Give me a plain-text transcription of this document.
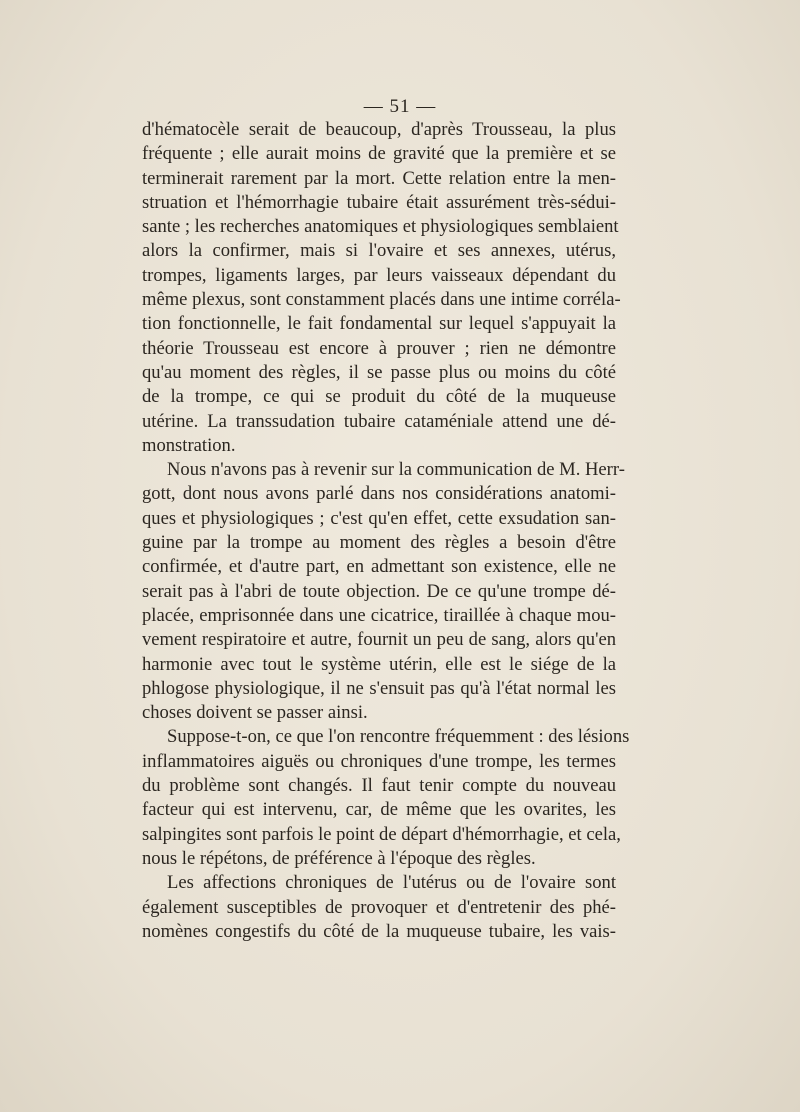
— 51 —
d'hématocèle serait de beaucoup, d'après Trousseau, la plus
fréquente ; elle aurait moins de gravité que la première et se
terminerait rarement par la mort. Cette relation entre la men-
struation et l'hémorrhagie tubaire était assurément très-sédui-
sante ; les recherches anatomiques et physiologiques semblaient
alors la confirmer, mais si l'ovaire et ses annexes, utérus,
trompes, ligaments larges, par leurs vaisseaux dépendant du
même plexus, sont constamment placés dans une intime corréla-
tion fonctionnelle, le fait fondamental sur lequel s'appuyait la
théorie Trousseau est encore à prouver ; rien ne démontre
qu'au moment des règles, il se passe plus ou moins du côté
de la trompe, ce qui se produit du côté de la muqueuse
utérine. La transsudation tubaire cataméniale attend une dé-
monstration.
Nous n'avons pas à revenir sur la communication de M. Herr-
gott, dont nous avons parlé dans nos considérations anatomi-
ques et physiologiques ; c'est qu'en effet, cette exsudation san-
guine par la trompe au moment des règles a besoin d'être
confirmée, et d'autre part, en admettant son existence, elle ne
serait pas à l'abri de toute objection. De ce qu'une trompe dé-
placée, emprisonnée dans une cicatrice, tiraillée à chaque mou-
vement respiratoire et autre, fournit un peu de sang, alors qu'en
harmonie avec tout le système utérin, elle est le siége de la
phlogose physiologique, il ne s'ensuit pas qu'à l'état normal les
choses doivent se passer ainsi.
Suppose-t-on, ce que l'on rencontre fréquemment : des lésions
inflammatoires aiguës ou chroniques d'une trompe, les termes
du problème sont changés. Il faut tenir compte du nouveau
facteur qui est intervenu, car, de même que les ovarites, les
salpingites sont parfois le point de départ d'hémorrhagie, et cela,
nous le répétons, de préférence à l'époque des règles.
Les affections chroniques de l'utérus ou de l'ovaire sont
également susceptibles de provoquer et d'entretenir des phé-
nomènes congestifs du côté de la muqueuse tubaire, les vais-
